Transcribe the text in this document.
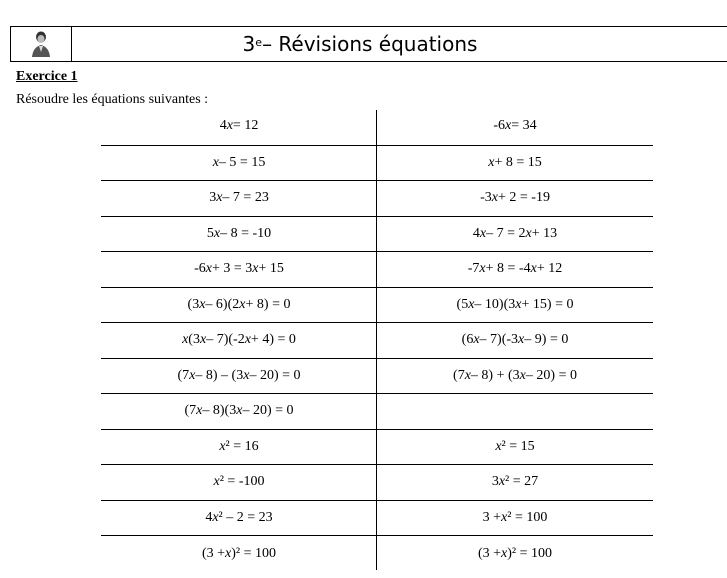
3e – Révisions équations
Exercice 1
Résoudre les équations suivantes :
4 x = 12	-6 x = 34
x – 5 = 15	x + 8 = 15
3 x – 7 = 23	-3 x + 2 = -19
5 x – 8 = -10	4 x – 7 = 2 x + 13
-6 x + 3 = 3 x + 15	-7 x + 8 = -4 x + 12
(3 x – 6)(2 x + 8) = 0	(5 x – 10)(3 x + 15) = 0
x (3 x – 7)(-2 x + 4) = 0	(6 x – 7)(-3 x – 9) = 0
(7 x – 8) – (3 x – 20) = 0	(7 x – 8) + (3 x – 20) = 0
(7 x – 8)(3 x – 20) = 0
x ² = 16	x ² = 15
x ² = -100	3 x ² = 27
4 x ² – 2 = 23	3 + x ² = 100
(3 + x )² = 100	(3 + x )² = 100
